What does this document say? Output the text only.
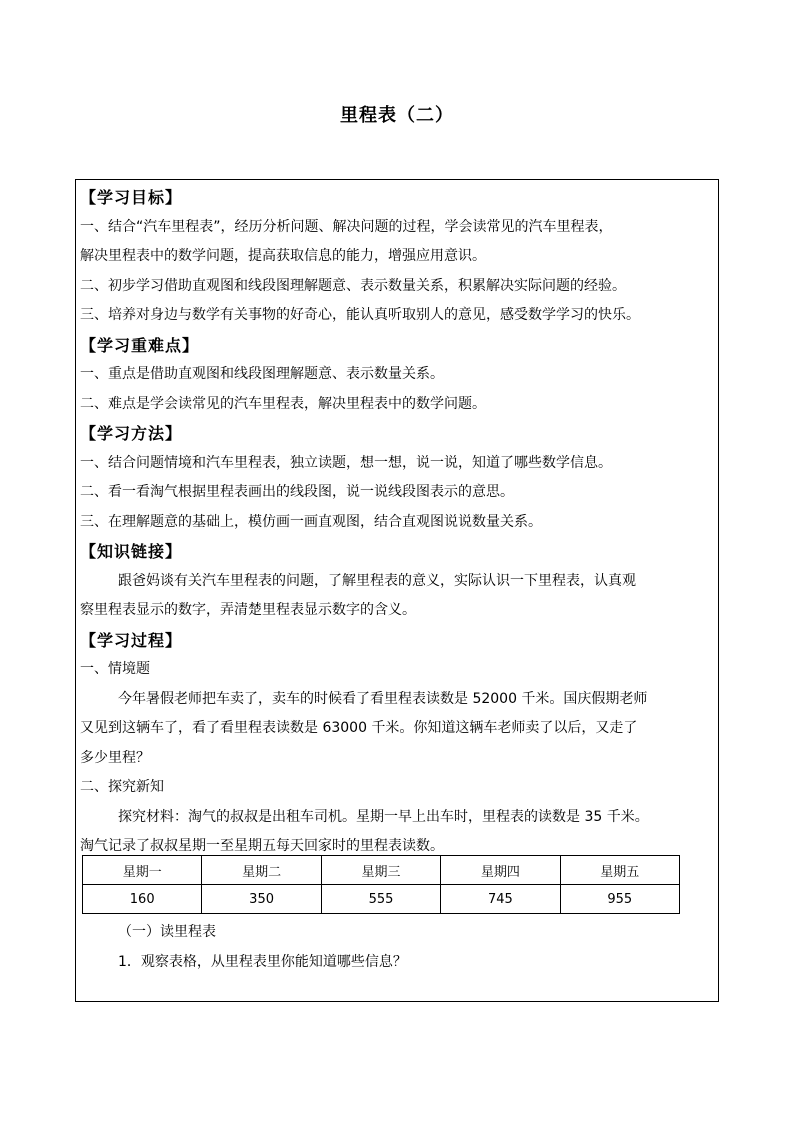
里程表（二）
【学习目标】
一、结合“汽车里程表”，经历分析问题、解决问题的过程，学会读常见的汽车里程表，
解决里程表中的数学问题，提高获取信息的能力，增强应用意识。
二、初步学习借助直观图和线段图理解题意、表示数量关系，积累解决实际问题的经验。
三、培养对身边与数学有关事物的好奇心，能认真听取别人的意见，感受数学学习的快乐。
【学习重难点】
一、重点是借助直观图和线段图理解题意、表示数量关系。
二、难点是学会读常见的汽车里程表，解决里程表中的数学问题。
【学习方法】
一、结合问题情境和汽车里程表，独立读题，想一想，说一说，知道了哪些数学信息。
二、看一看淘气根据里程表画出的线段图，说一说线段图表示的意思。
三、在理解题意的基础上，模仿画一画直观图，结合直观图说说数量关系。
【知识链接】
跟爸妈谈有关汽车里程表的问题，了解里程表的意义，实际认识一下里程表，认真观
察里程表显示的数字，弄清楚里程表显示数字的含义。
【学习过程】
一、情境题
今年暑假老师把车卖了，卖车的时候看了看里程表读数是 52000 千米。国庆假期老师
又见到这辆车了，看了看里程表读数是 63000 千米。你知道这辆车老师卖了以后，又走了
多少里程？
二、探究新知
探究材料：淘气的叔叔是出租车司机。星期一早上出车时，里程表的读数是 35 千米。
淘气记录了叔叔星期一至星期五每天回家时的里程表读数。
星期一	星期二	星期三	星期四	星期五
160	350	555	745	955
（一）读里程表
1．观察表格，从里程表里你能知道哪些信息？
